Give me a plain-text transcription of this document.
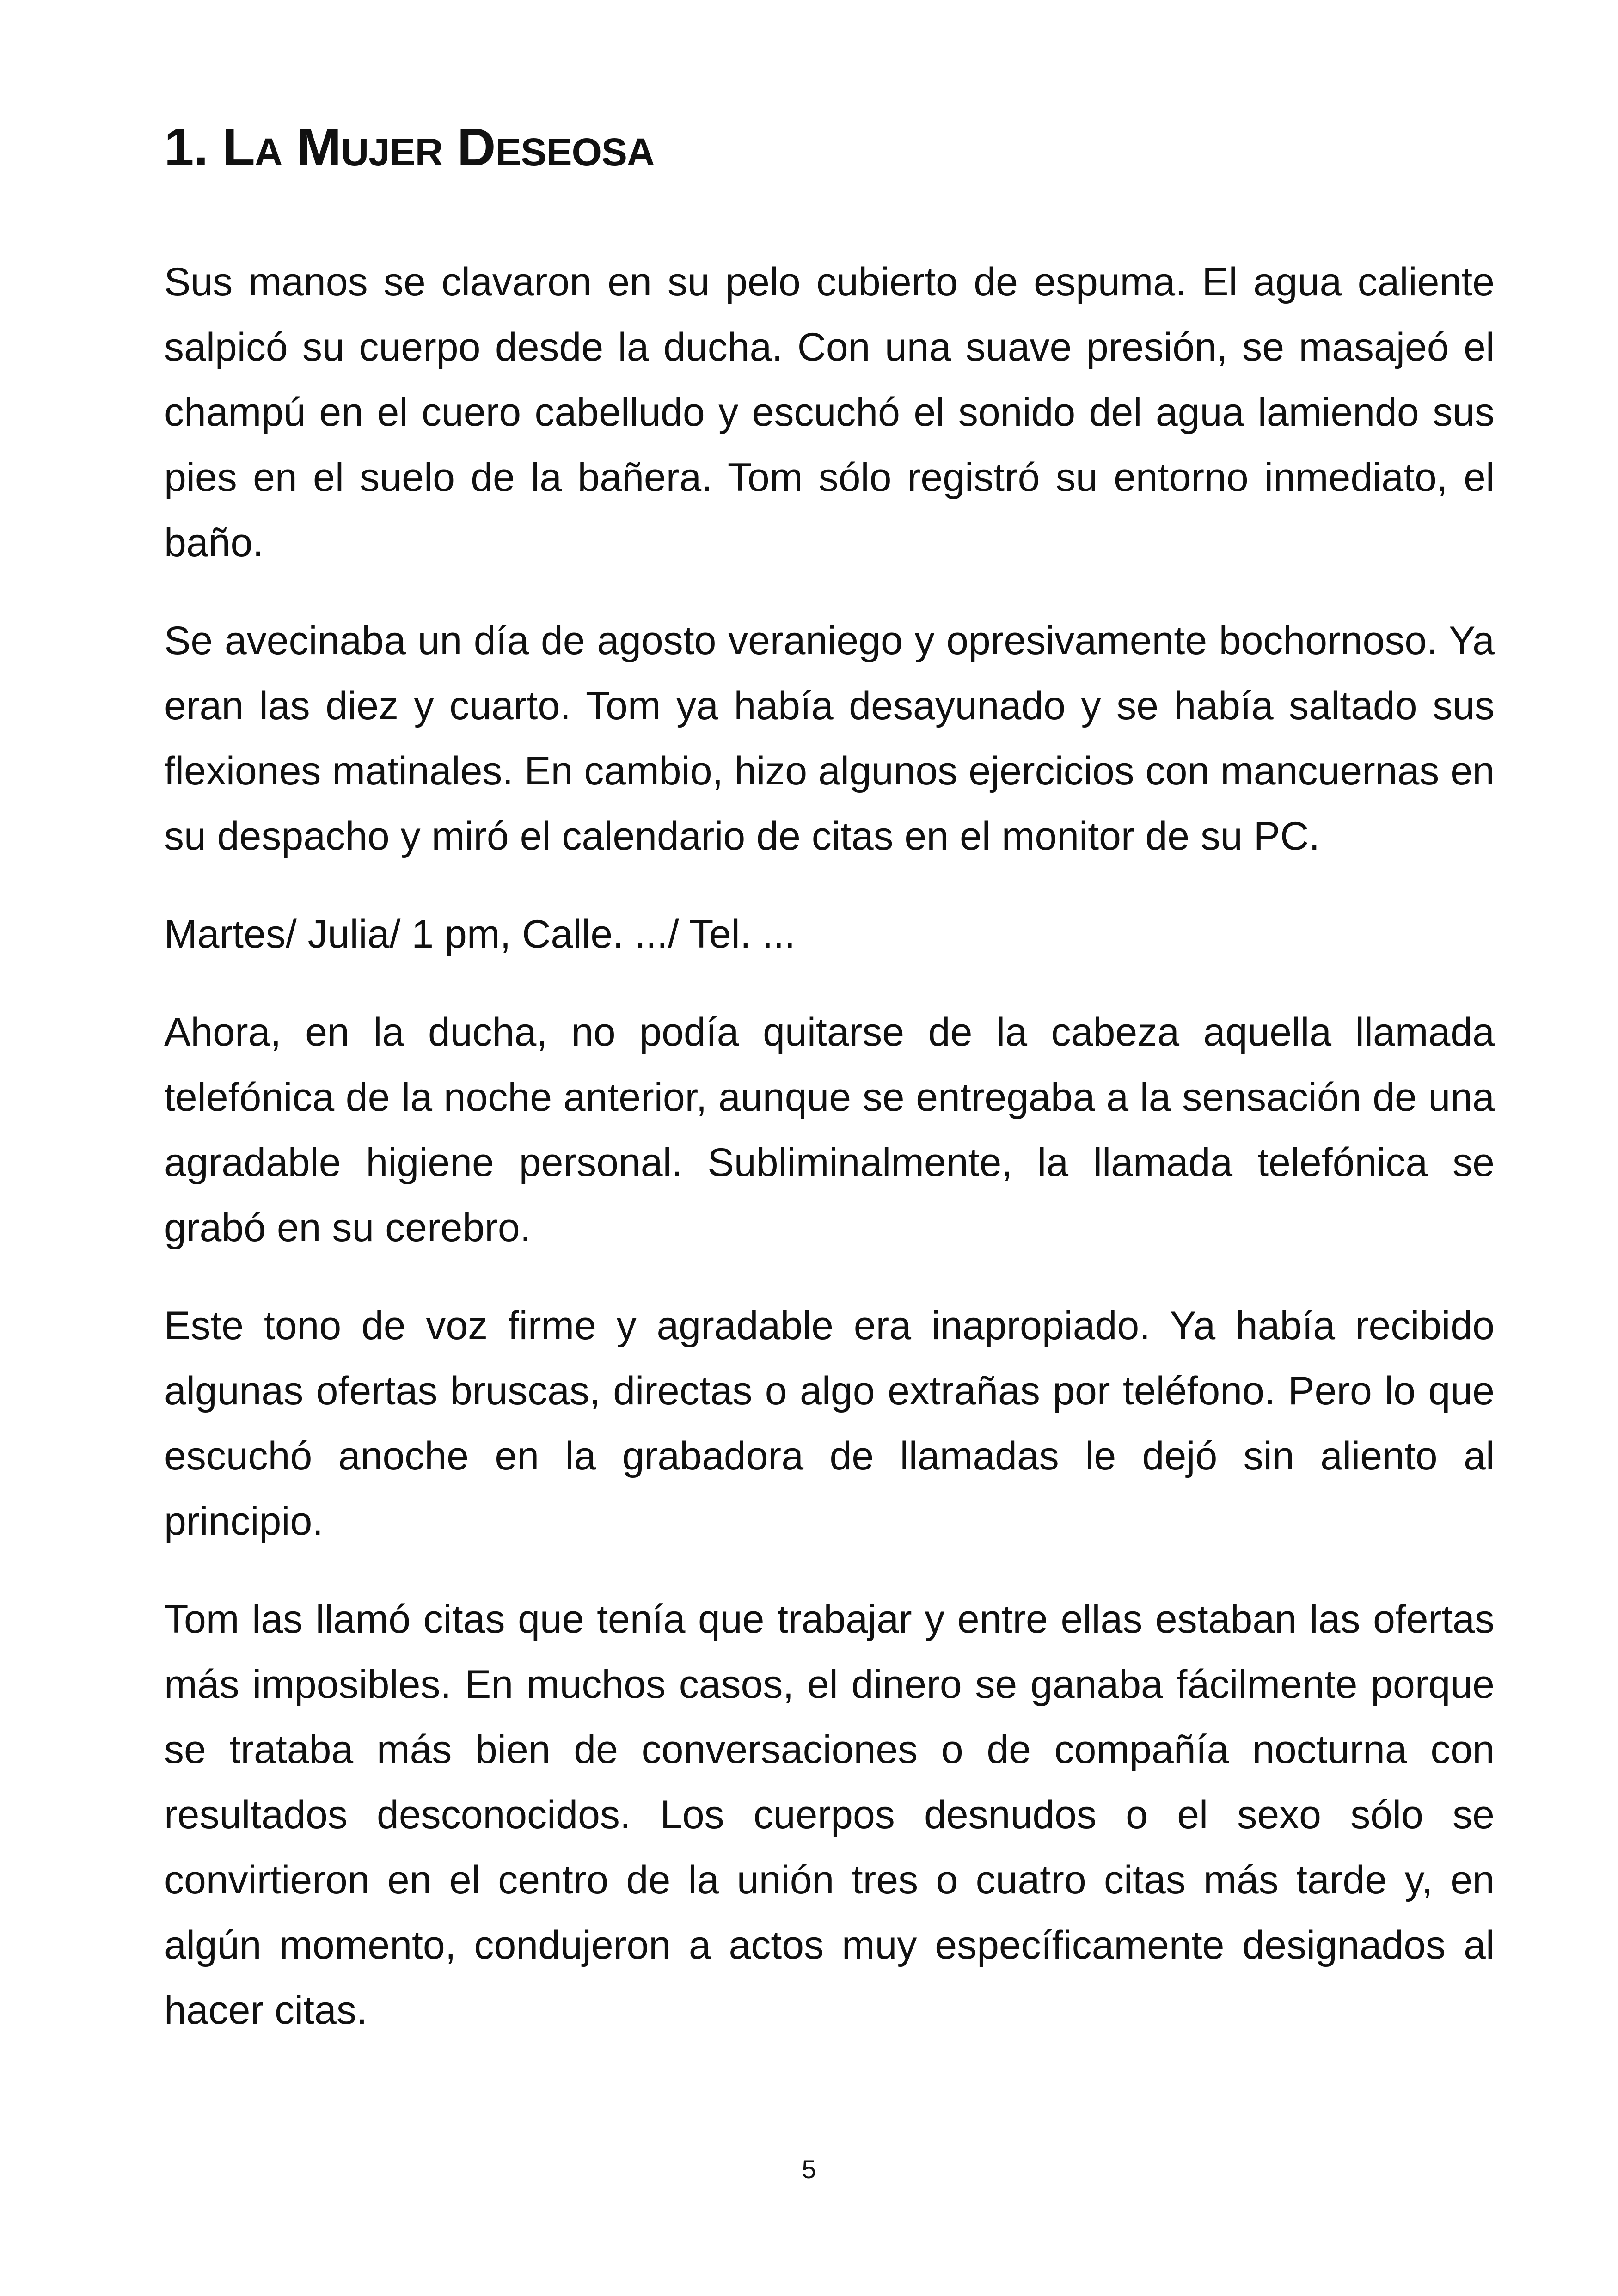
1. LA MUJER DESEOSA

Sus manos se clavaron en su pelo cubierto de espuma. El agua caliente salpicó su cuerpo desde la ducha. Con una suave presión, se masajeó el champú en el cuero cabelludo y escuchó el sonido del agua lamiendo sus pies en el suelo de la bañera. Tom sólo registró su entorno inmediato, el baño.

Se avecinaba un día de agosto veraniego y opresivamente bochornoso. Ya eran las diez y cuarto. Tom ya había desayunado y se había saltado sus flexiones matinales. En cambio, hizo algunos ejercicios con mancuernas en su despacho y miró el calendario de citas en el monitor de su PC.

Martes/ Julia/ 1 pm, Calle. .../ Tel. ...

Ahora, en la ducha, no podía quitarse de la cabeza aquella llamada telefónica de la noche anterior, aunque se entregaba a la sensación de una agradable higiene personal. Subliminalmente, la llamada telefónica se grabó en su cerebro.

Este tono de voz firme y agradable era inapropiado. Ya había recibido algunas ofertas bruscas, directas o algo extrañas por teléfono. Pero lo que escuchó anoche en la grabadora de llamadas le dejó sin aliento al principio.

Tom las llamó citas que tenía que trabajar y entre ellas estaban las ofertas más imposibles. En muchos casos, el dinero se ganaba fácilmente porque se trataba más bien de conversaciones o de compañía nocturna con resultados desconocidos. Los cuerpos desnudos o el sexo sólo se convirtieron en el centro de la unión tres o cuatro citas más tarde y, en algún momento, condujeron a actos muy específicamente designados al hacer citas.

5
